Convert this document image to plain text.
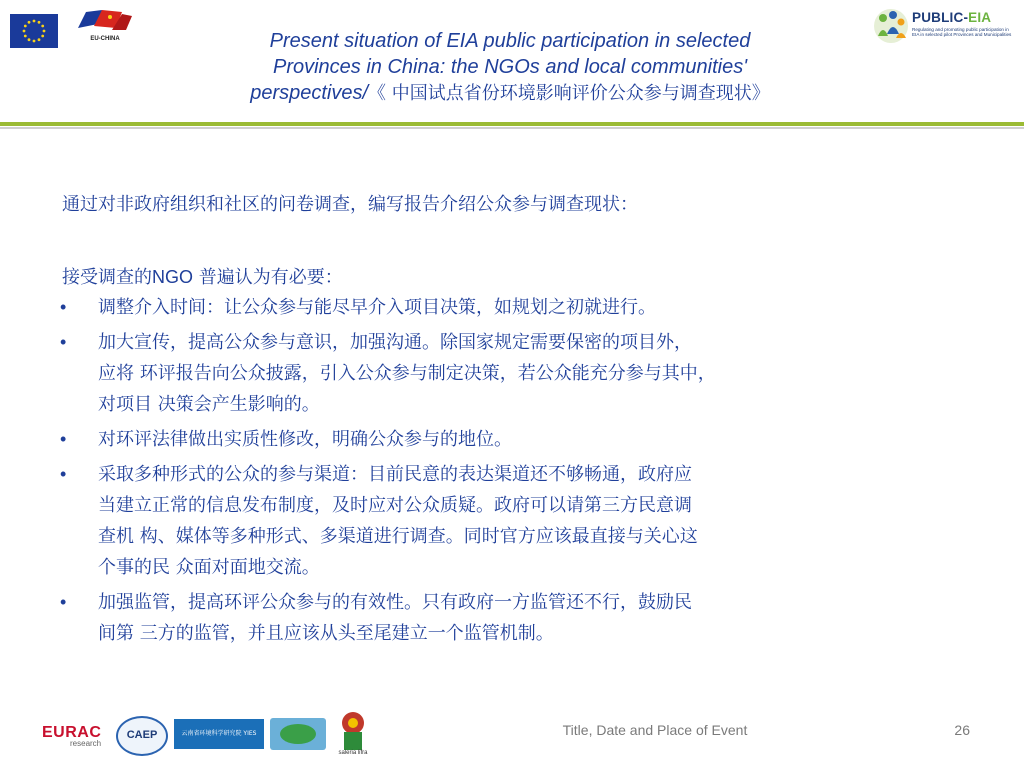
EU-CHINA	Present situation of EIA public participation in selected
Provinces in China: the NGOs and local communities'
perspectives/《 中国试点省份环境影响评价公众参与调查现状》
PUBLIC-EIA
Regulating and promoting public participation in EIA in selected pilot Provinces and Municipalities

通过对非政府组织和社区的问卷调查，编写报告介绍公众参与调查现状：

接受调查的NGO 普遍认为有必要：

• 调整介入时间：让公众参与能尽早介入项目决策，如规划之初就进行。
• 加大宣传，提高公众参与意识，加强沟通。除国家规定需要保密的项目外，
应将 环评报告向公众披露，引入公众参与制定决策，若公众能充分参与其中，
对项目 决策会产生影响的。
• 对环评法律做出实质性修改，明确公众参与的地位。
• 采取多种形式的公众的参与渠道：目前民意的表达渠道还不够畅通，政府应
当建立正常的信息发布制度，及时应对公众质疑。政府可以请第三方民意调
查机 构、媒体等多种形式、多渠道进行调查。同时官方应该最直接与关心这
个事的民 众面对面地交流。
• 加强监管，提高环评公众参与的有效性。只有政府一方监管还不行，鼓励民
间第 三方的监管，并且应该从头至尾建立一个监管机制。
EURAC
research
CAEP	云南省环境科学研究院 YIES
saleria lifra
Title, Date and Place of Event	26
